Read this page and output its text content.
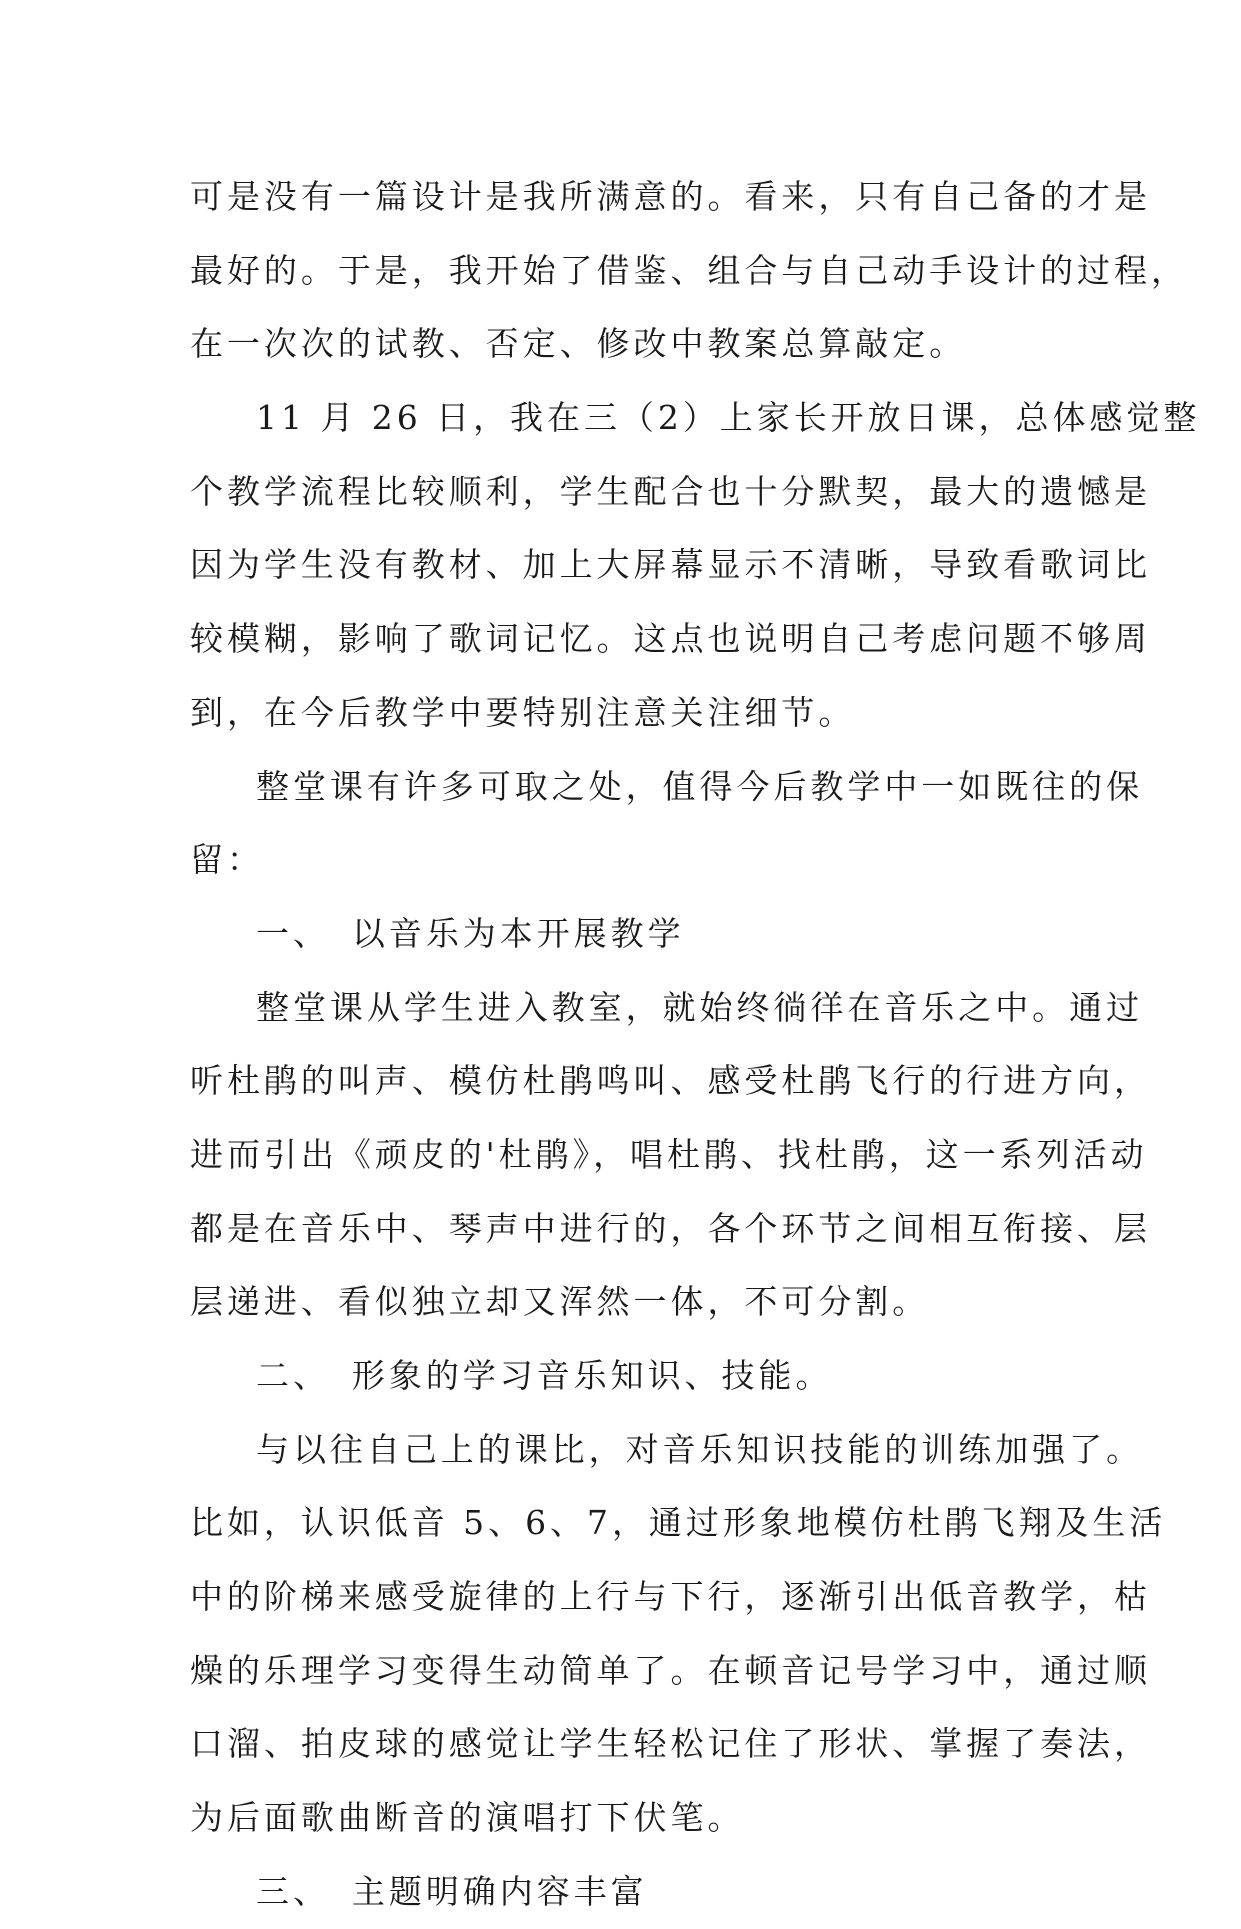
可是没有一篇设计是我所满意的。看来，只有自己备的才是
最好的。于是，我开始了借鉴、组合与自己动手设计的过程，
在一次次的试教、否定、修改中教案总算敲定。
11 月 26 日，我在三（2）上家长开放日课，总体感觉整
个教学流程比较顺利，学生配合也十分默契，最大的遗憾是
因为学生没有教材、加上大屏幕显示不清晰，导致看歌词比
较模糊，影响了歌词记忆。这点也说明自己考虑问题不够周
到，在今后教学中要特别注意关注细节。
整堂课有许多可取之处，值得今后教学中一如既往的保
留：
一、 以音乐为本开展教学
整堂课从学生进入教室，就始终徜徉在音乐之中。通过
听杜鹃的叫声、模仿杜鹃鸣叫、感受杜鹃飞行的行进方向，
进而引出《顽皮的'杜鹃》，唱杜鹃、找杜鹃，这一系列活动
都是在音乐中、琴声中进行的，各个环节之间相互衔接、层
层递进、看似独立却又浑然一体，不可分割。
二、 形象的学习音乐知识、技能。
与以往自己上的课比，对音乐知识技能的训练加强了。
比如，认识低音 5、6、7，通过形象地模仿杜鹃飞翔及生活
中的阶梯来感受旋律的上行与下行，逐渐引出低音教学，枯
燥的乐理学习变得生动简单了。在顿音记号学习中，通过顺
口溜、拍皮球的感觉让学生轻松记住了形状、掌握了奏法，
为后面歌曲断音的演唱打下伏笔。
三、 主题明确内容丰富
